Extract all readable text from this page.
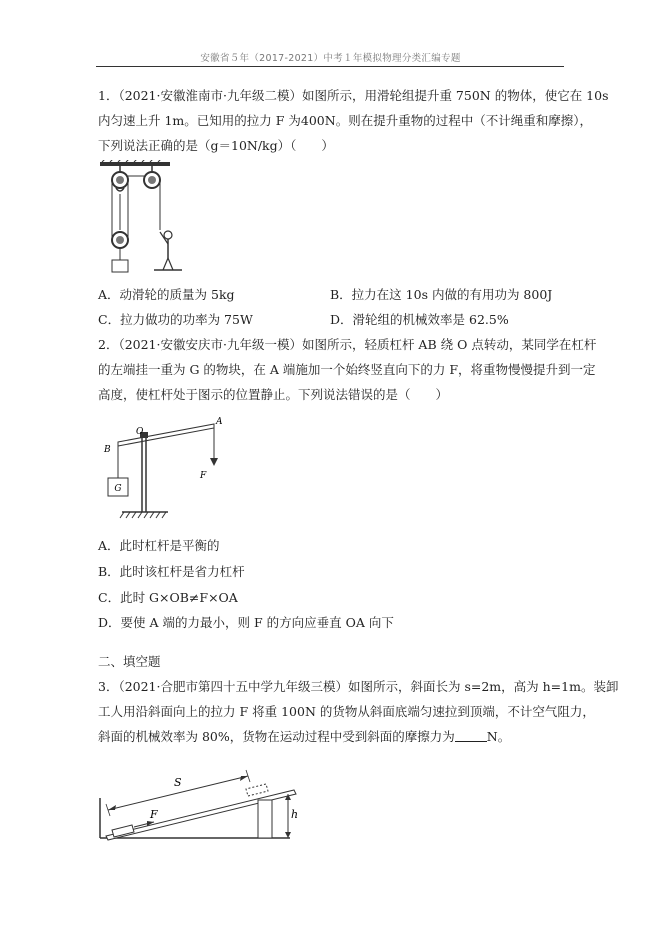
安徽省５年（2017-2021）中考１年模拟物理分类汇编专题
1．（2021·安徽淮南市·九年级二模）如图所示，用滑轮组提升重 750N 的物体，使它在 10s
内匀速上升 1m。已知用的拉力 F 为400N。则在提升重物的过程中（不计绳重和摩擦），
下列说法正确的是（g＝10N/kg）（　　）
A．动滑轮的质量为 5kg	B．拉力在这 10s 内做的有用功为 800J
C．拉力做功的功率为 75W	D．滑轮组的机械效率是 62.5%
2．（2021·安徽安庆市·九年级一模）如图所示，轻质杠杆 AB 绕 O 点转动，某同学在杠杆
的左端挂一重为 G 的物块，在 A 端施加一个始终竖直向下的力 F，将重物慢慢提升到一定
高度，使杠杆处于图示的位置静止。下列说法错误的是（　　）
G
O
A
B
F
A．此时杠杆是平衡的
B．此时该杠杆是省力杠杆
C．此时 G×OB≠F×OA
D．要使 A 端的力最小，则 F 的方向应垂直 OA 向下
二、填空题
3．（2021·合肥市第四十五中学九年级三模）如图所示，斜面长为 s=2m，高为 h=1m。装卸
工人用沿斜面向上的拉力 F 将重 100N 的货物从斜面底端匀速拉到顶端，不计空气阻力，
斜面的机械效率为 80%，货物在运动过程中受到斜面的摩擦力为	N。
S
F	h
